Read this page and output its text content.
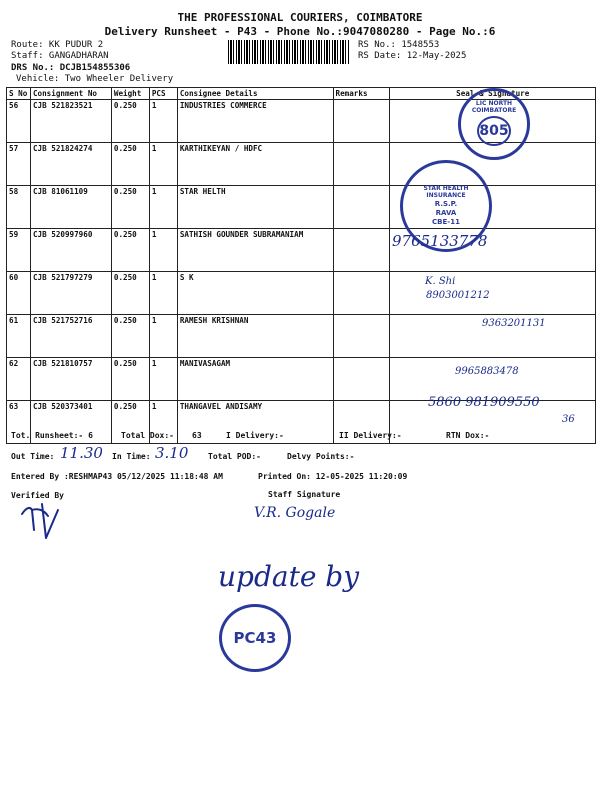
THE PROFESSIONAL COURIERS, COIMBATORE
Delivery Runsheet - P43 - Phone No.:9047080280 - Page No.:6
Route: KK PUDUR 2
Staff: GANGADHARAN
DRS No.: DCJB154855306
Vehicle: Two Wheeler Delivery
RS No.: 1548553
RS Date: 12-May-2025
S No	Consignment No	Weight	PCS	Consignee Details	Remarks	Seal & Signature
56	CJB 521823521	0.250	1	INDUSTRIES COMMERCE		
57	CJB 521824274	0.250	1	KARTHIKEYAN / HDFC		
58	CJB 81061109	0.250	1	STAR HELTH		
59	CJB 520997960	0.250	1	SATHISH GOUNDER SUBRAMANIAM		
60	CJB 521797279	0.250	1	S K		
61	CJB 521752716	0.250	1	RAMESH KRISHNAN		
62	CJB 521810757	0.250	1	MANIVASAGAM		
63	CJB 520373401	0.250	1	THANGAVEL ANDISAMY		
LIC NORTH COIMBATORE
805
STAR HEALTH INSURANCE
R.S.P.
RAVA
CBE-11
9765133778
K. Shi
8903001212
9363201131
9965883478
5860 981909550
36
Tot. Runsheet:- 6	Total Dox:- 63	I Delivery:-	II Delivery:-	RTN Dox:-
Out Time: 11.30 In Time: 3.10 Total POD:-	Delvy Points:-
Entered By :RESHMAP43 05/12/2025 11:18:48 AM	Printed On: 12-05-2025 11:20:09
Verified By	Staff Signature
V.R. Gogale
update by
PC43
